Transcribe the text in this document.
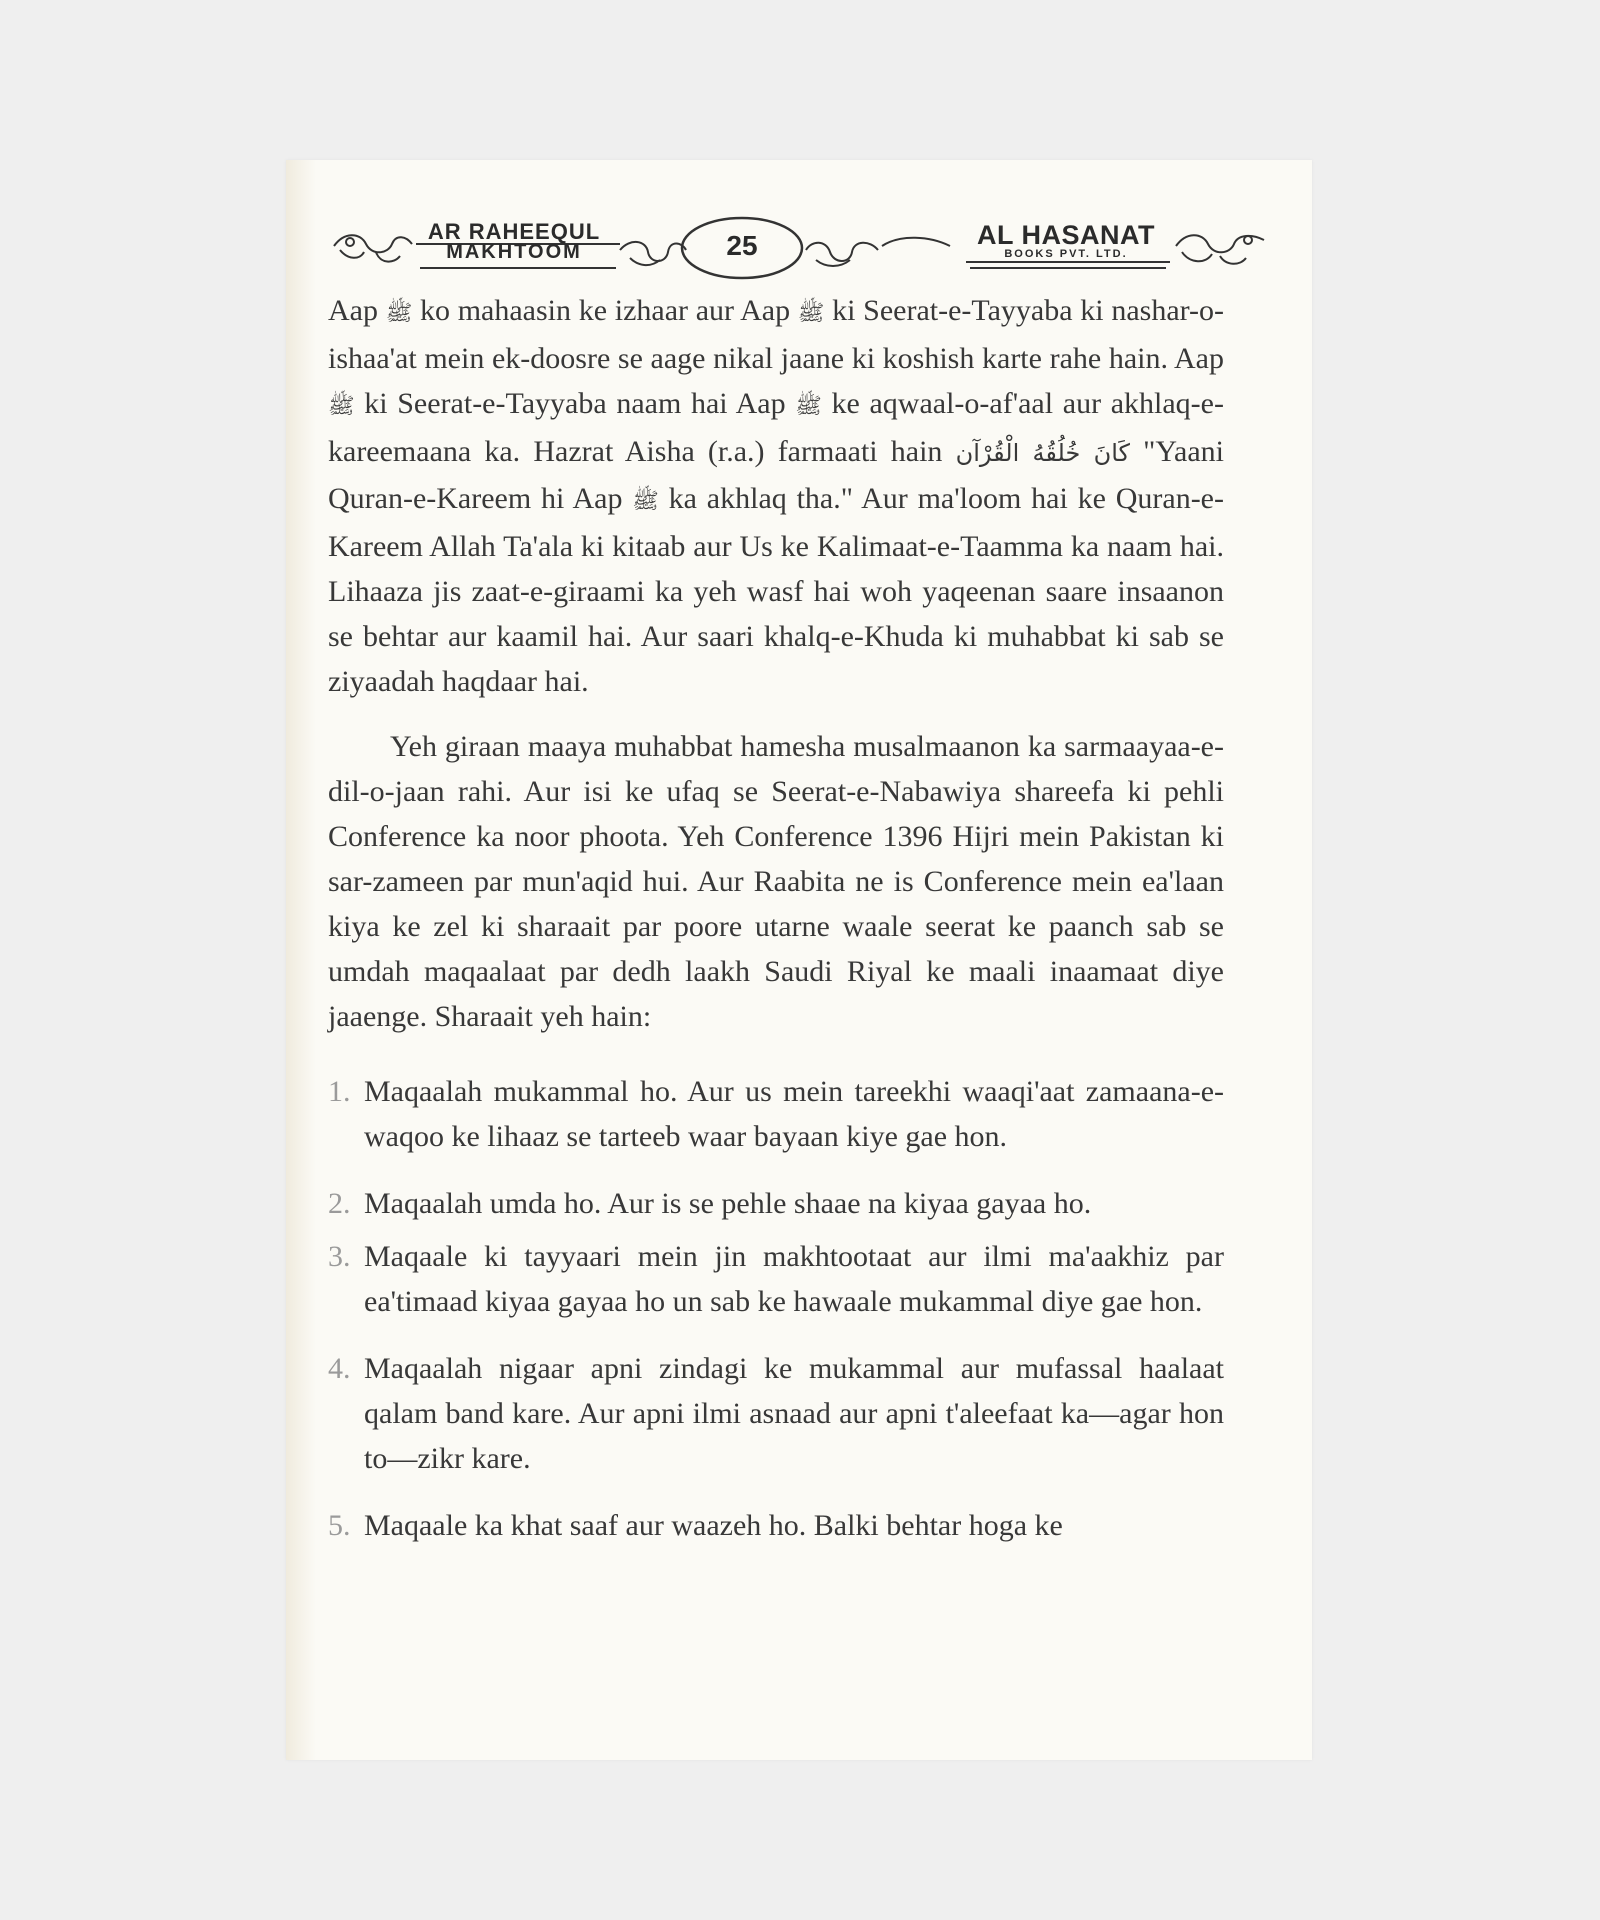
AR RAHEEQUL
MAKHTOOM	25	AL HASANAT
BOOKS PVT. LTD.

Aap ﷺ ko mahaasin ke izhaar aur Aap ﷺ ki Seerat-e-Tayyaba ki nashar-o-ishaa'at mein ek-doosre se aage nikal jaane ki koshish karte rahe hain. Aap ﷺ ki Seerat-e-Tayyaba naam hai Aap ﷺ ke aqwaal-o-af'aal aur akhlaq-e-kareemaana ka. Hazrat Aisha (r.a.) farmaati hain كَانَ خُلُقُهُ الْقُرْآن "Yaani Quran-e-Kareem hi Aap ﷺ ka akhlaq tha." Aur ma'loom hai ke Quran-e-Kareem Allah Ta'ala ki kitaab aur Us ke Kalimaat-e-Taamma ka naam hai. Lihaaza jis zaat-e-giraami ka yeh wasf hai woh yaqeenan saare insaanon se behtar aur kaamil hai. Aur saari khalq-e-Khuda ki muhabbat ki sab se ziyaadah haqdaar hai.

Yeh giraan maaya muhabbat hamesha musalmaanon ka sarmaayaa-e-dil-o-jaan rahi. Aur isi ke ufaq se Seerat-e-Nabawiya shareefa ki pehli Conference ka noor phoota. Yeh Conference 1396 Hijri mein Pakistan ki sar-zameen par mun'aqid hui. Aur Raabita ne is Conference mein ea'laan kiya ke zel ki sharaait par poore utarne waale seerat ke paanch sab se umdah maqaalaat par dedh laakh Saudi Riyal ke maali inaamaat diye jaaenge. Sharaait yeh hain:

1. Maqaalah mukammal ho. Aur us mein tareekhi waaqi'aat zamaana-e-waqoo ke lihaaz se tarteeb waar bayaan kiye gae hon.
2. Maqaalah umda ho. Aur is se pehle shaae na kiyaa gayaa ho.
3. Maqaale ki tayyaari mein jin makhtootaat aur ilmi ma'aakhiz par ea'timaad kiyaa gayaa ho un sab ke hawaale mukammal diye gae hon.
4. Maqaalah nigaar apni zindagi ke mukammal aur mufassal haalaat qalam band kare. Aur apni ilmi asnaad aur apni t'aleefaat ka—agar hon to—zikr kare.
5. Maqaale ka khat saaf aur waazeh ho. Balki behtar hoga ke
